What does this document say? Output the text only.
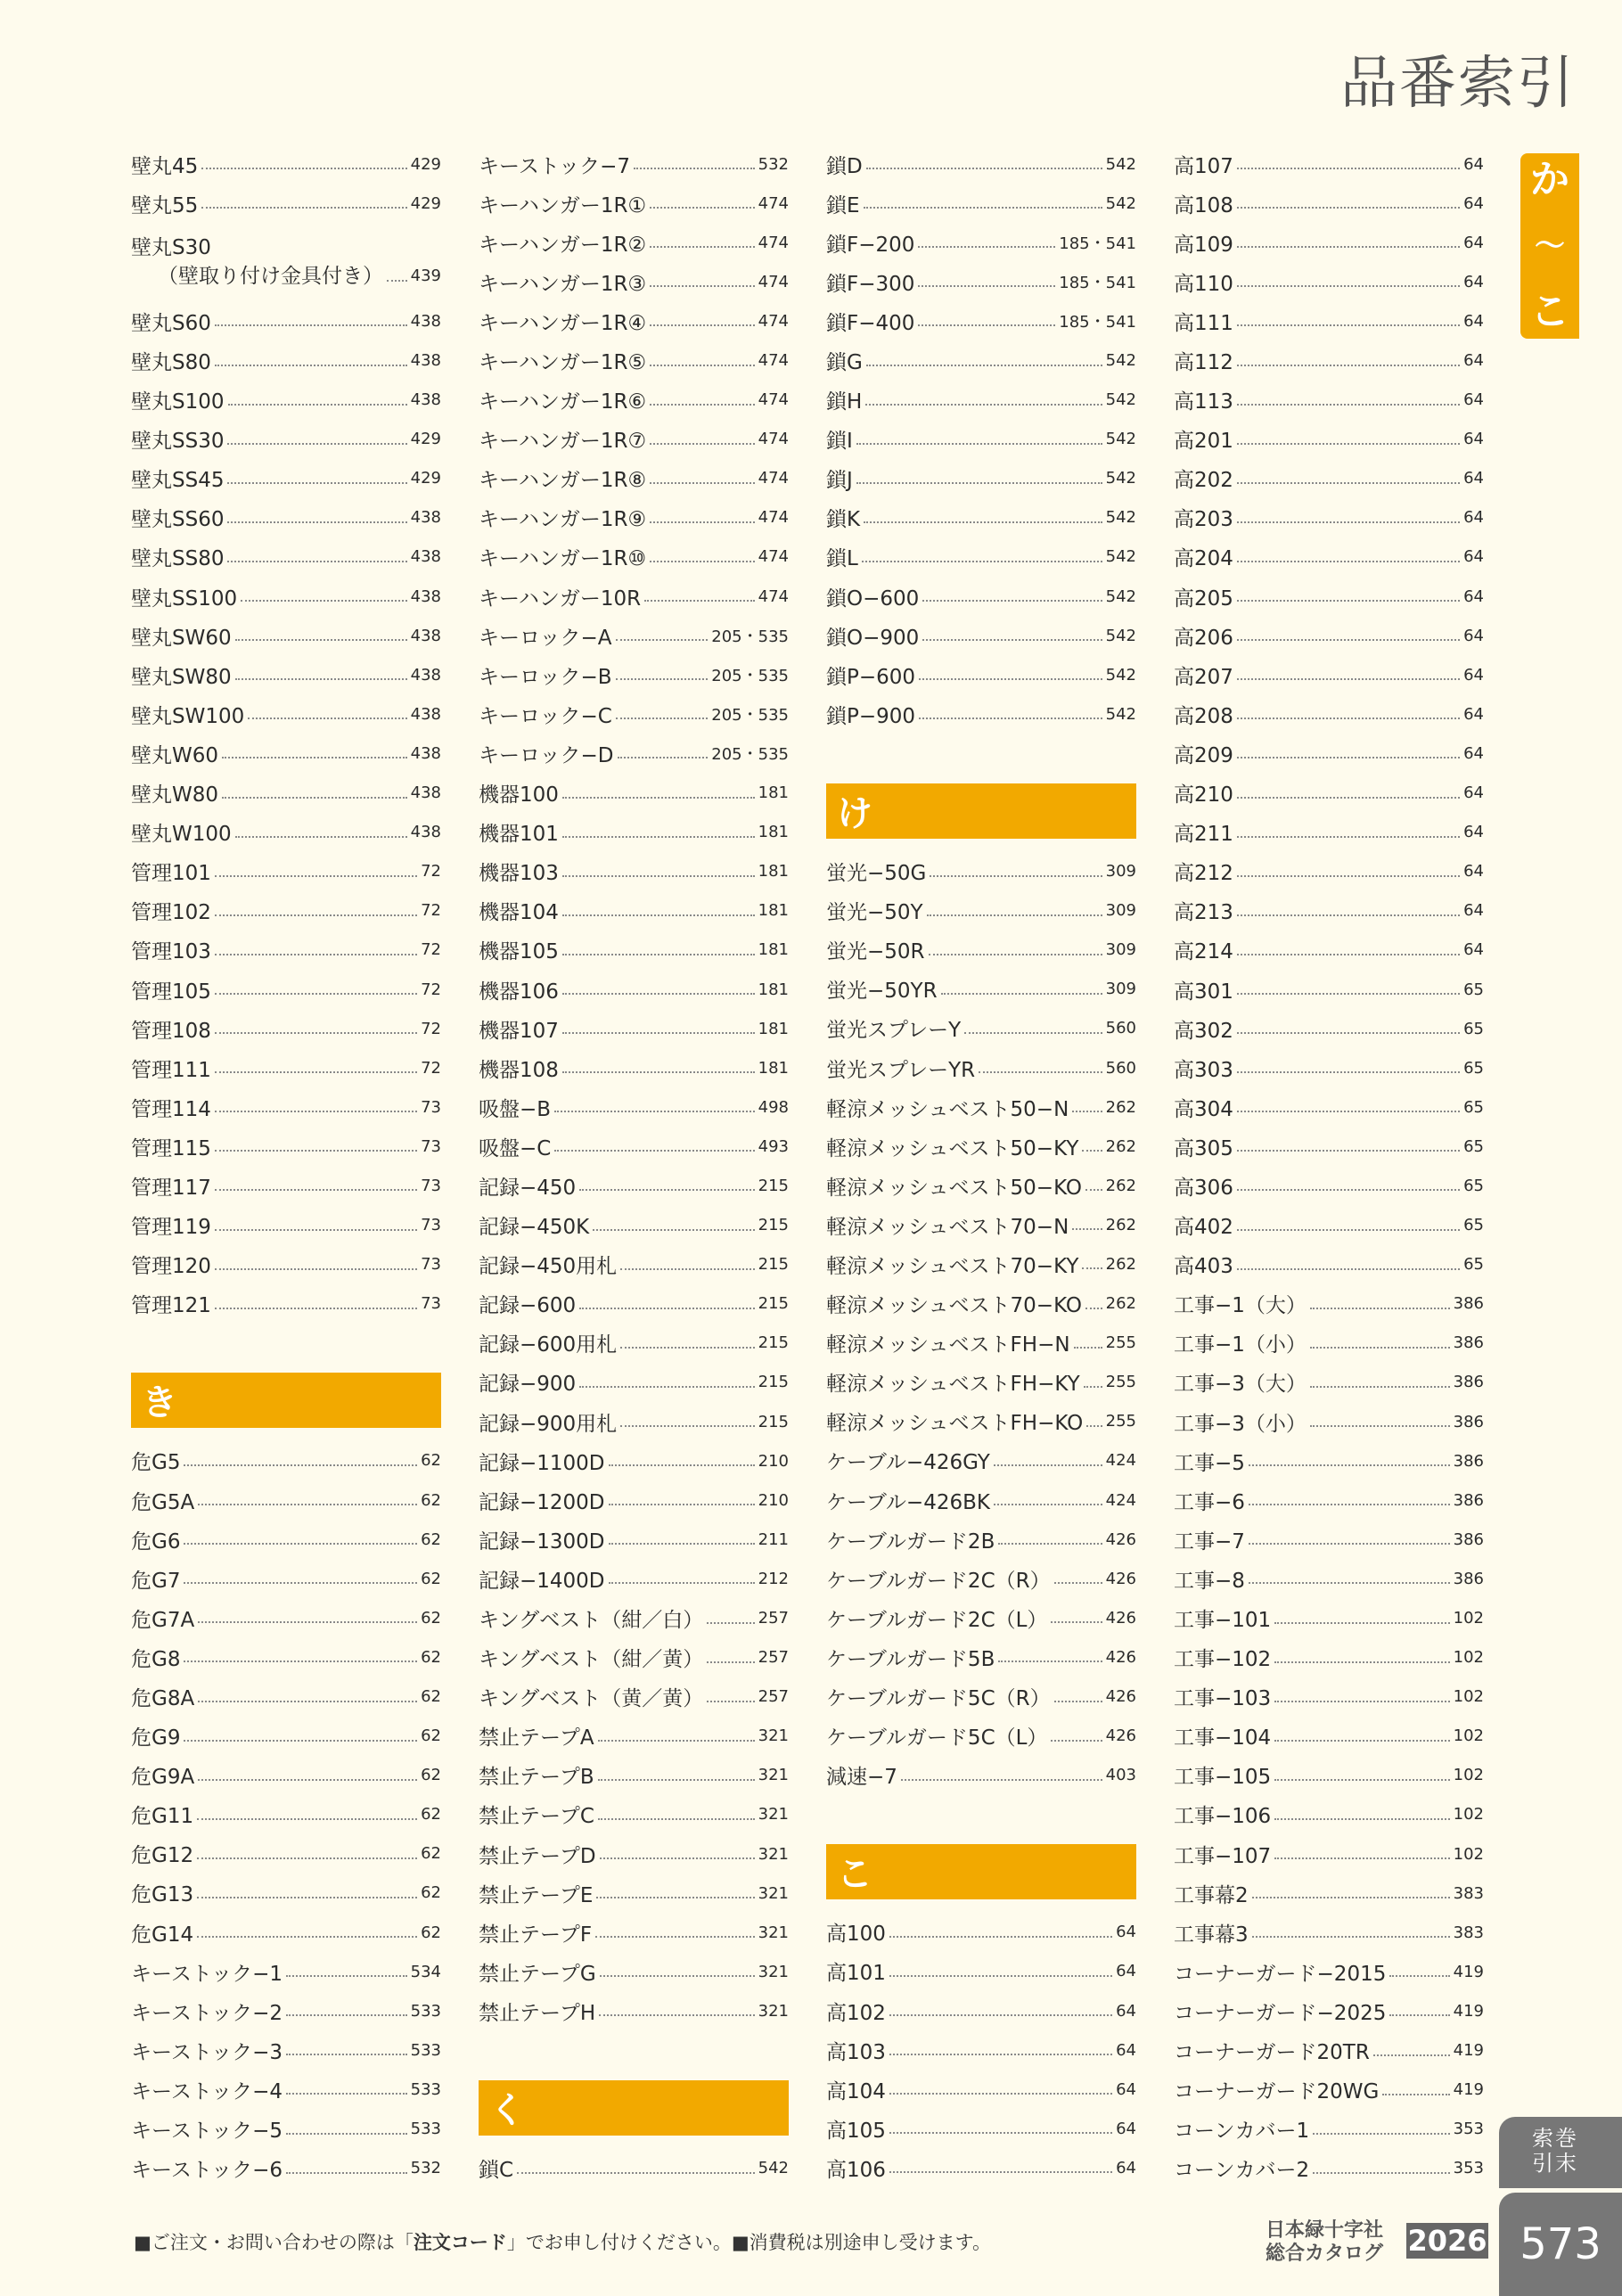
品番索引
壁丸45	429
壁丸55	429
壁丸S30
（壁取り付け金具付き） 439
壁丸S60	438
壁丸S80	438
壁丸S100	438
壁丸SS30	429
壁丸SS45	429
壁丸SS60	438
壁丸SS80	438
壁丸SS100	438
壁丸SW60	438
壁丸SW80	438
壁丸SW100	438
壁丸W60	438
壁丸W80	438
壁丸W100	438
管理101	72
管理102	72
管理103	72
管理105	72
管理108	72
管理111	72
管理114	73
管理115	73
管理117	73
管理119	73
管理120	73
管理121	73
き
危G5	62
危G5A	62
危G6	62
危G7	62
危G7A	62
危G8	62
危G8A	62
危G9	62
危G9A	62
危G11	62
危G12	62
危G13	62
危G14	62
キーストック−1	534
キーストック−2	533
キーストック−3	533
キーストック−4	533
キーストック−5	533
キーストック−6	532
キーストック−7	532
キーハンガー1R①	474
キーハンガー1R②	474
キーハンガー1R③	474
キーハンガー1R④	474
キーハンガー1R⑤	474
キーハンガー1R⑥	474
キーハンガー1R⑦	474
キーハンガー1R⑧	474
キーハンガー1R⑨	474
キーハンガー1R⑩	474
キーハンガー10R	474
キーロック−A	205・535
キーロック−B	205・535
キーロック−C	205・535
キーロック−D	205・535
機器100	181
機器101	181
機器103	181
機器104	181
機器105	181
機器106	181
機器107	181
機器108	181
吸盤−B	498
吸盤−C	493
記録−450	215
記録−450K	215
記録−450用札	215
記録−600	215
記録−600用札	215
記録−900	215
記録−900用札	215
記録−1100D	210
記録−1200D	210
記録−1300D	211
記録−1400D	212
キングベスト（紺／白）	257
キングベスト（紺／黄）	257
キングベスト（黄／黄）	257
禁止テープA	321
禁止テープB	321
禁止テープC	321
禁止テープD	321
禁止テープE	321
禁止テープF	321
禁止テープG	321
禁止テープH	321
く
鎖C	542
鎖D	542
鎖E	542
鎖F−200	185・541
鎖F−300	185・541
鎖F−400	185・541
鎖G	542
鎖H	542
鎖I	542
鎖J	542
鎖K	542
鎖L	542
鎖O−600	542
鎖O−900	542
鎖P−600	542
鎖P−900	542
け
蛍光−50G	309
蛍光−50Y	309
蛍光−50R	309
蛍光−50YR	309
蛍光スプレーY	560
蛍光スプレーYR	560
軽涼メッシュベスト50−N 262
軽涼メッシュベスト50−KY 262
軽涼メッシュベスト50−KO 262
軽涼メッシュベスト70−N 262
軽涼メッシュベスト70−KY 262
軽涼メッシュベスト70−KO 262
軽涼メッシュベストFH−N 255
軽涼メッシュベストFH−KY 255
軽涼メッシュベストFH−KO 255
ケーブル−426GY	424
ケーブル−426BK	424
ケーブルガード2B	426
ケーブルガード2C（R）	426
ケーブルガード2C（L）	426
ケーブルガード5B	426
ケーブルガード5C（R）	426
ケーブルガード5C（L）	426
減速−7	403
こ
高100	64
高101	64
高102	64
高103	64
高104	64
高105	64
高106	64
高107	64
高108	64
高109	64
高110	64
高111	64
高112	64
高113	64
高201	64
高202	64
高203	64
高204	64
高205	64
高206	64
高207	64
高208	64
高209	64
高210	64
高211	64
高212	64
高213	64
高214	64
高301	65
高302	65
高303	65
高304	65
高305	65
高306	65
高402	65
高403	65
工事−1（大）	386
工事−1（小）	386
工事−3（大）	386
工事−3（小）	386
工事−5	386
工事−6	386
工事−7	386
工事−8	386
工事−101	102
工事−102	102
工事−103	102
工事−104	102
工事−105	102
工事−106	102
工事−107	102
工事幕2	383
工事幕3	383
コーナーガード−2015	419
コーナーガード−2025	419
コーナーガード20TR	419
コーナーガード20WG	419
コーンカバー1	353
コーンカバー2	353
か
〜
こ
索引
巻末
573
■ご注文・お問い合わせの際は「注文コード」でお申し付けください。■消費税は別途申し受けます。
日本緑十字社
総合カタログ 2026
